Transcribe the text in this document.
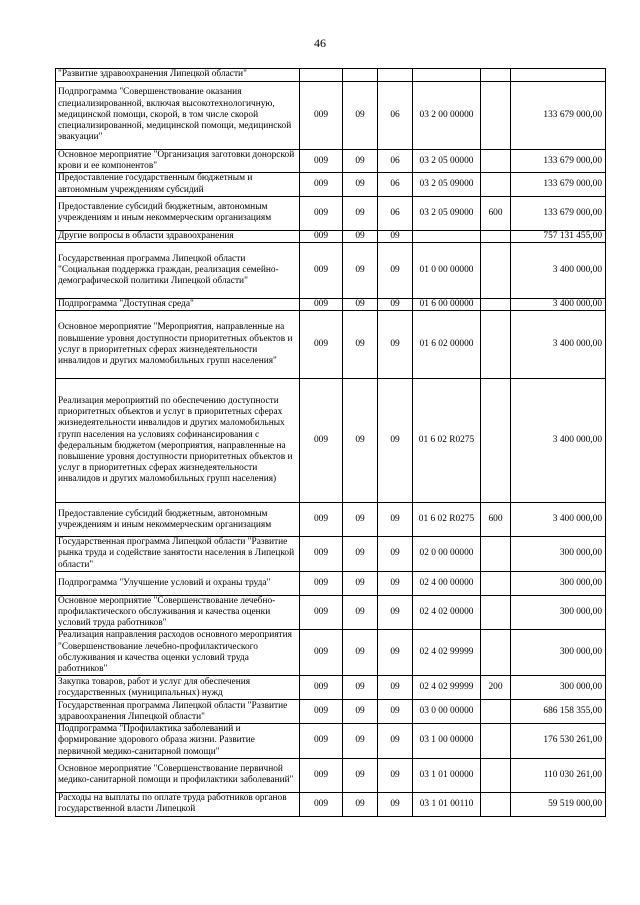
46
"Развитие здравоохранения Липецкой области"						
Подпрограмма "Совершенствование оказания специализированной, включая высокотехнологичную, медицинской помощи, скорой, в том числе скорой специализированной, медицинской помощи, медицинской эвакуации"	009	09	06	03 2 00 00000		133 679 000,00
Основное мероприятие "Организация заготовки донорской крови и ее компонентов"	009	09	06	03 2 05 00000		133 679 000,00
Предоставление государственным бюджетным и автономным учреждениям субсидий	009	09	06	03 2 05 09000		133 679 000,00
Предоставление субсидий бюджетным, автономным учреждениям и иным некоммерческим организациям	009	09	06	03 2 05 09000	600	133 679 000,00
Другие вопросы в области здравоохранения	009	09	09			757 131 455,00
Государственная программа Липецкой области "Социальная поддержка граждан, реализация семейно-демографической политики Липецкой области"	009	09	09	01 0 00 00000		3 400 000,00
Подпрограмма "Доступная среда"	009	09	09	01 6 00 00000		3 400 000,00
Основное мероприятие "Мероприятия, направленные на повышение уровня доступности приоритетных объектов и услуг в приоритетных сферах жизнедеятельности инвалидов и других маломобильных групп населения"	009	09	09	01 6 02 00000		3 400 000,00
Реализация мероприятий по обеспечению доступности приоритетных объектов и услуг в приоритетных сферах жизнедеятельности инвалидов и других маломобильных групп населения на условиях софинансирования с федеральным бюджетом (мероприятия, направленные на повышение уровня доступности приоритетных объектов и услуг в приоритетных сферах жизнедеятельности инвалидов и других маломобильных групп населения)	009	09	09	01 6 02 R0275		3 400 000,00
Предоставление субсидий бюджетным, автономным учреждениям и иным некоммерческим организациям	009	09	09	01 6 02 R0275	600	3 400 000,00
Государственная программа Липецкой области "Развитие рынка труда и содействие занятости населения в Липецкой области"	009	09	09	02 0 00 00000		300 000,00
Подпрограмма "Улучшение условий и охраны труда"	009	09	09	02 4 00 00000		300 000,00
Основное мероприятие "Совершенствование лечебно-профилактического обслуживания и качества оценки условий труда работников"	009	09	09	02 4 02 00000		300 000,00
Реализация направления расходов основного мероприятия "Совершенствование лечебно-профилактического обслуживания и качества оценки условий труда работников"	009	09	09	02 4 02 99999		300 000,00
Закупка товаров, работ и услуг для обеспечения государственных (муниципальных) нужд	009	09	09	02 4 02 99999	200	300 000,00
Государственная программа Липецкой области "Развитие здравоохранения Липецкой области"	009	09	09	03 0 00 00000		686 158 355,00
Подпрограмма "Профилактика заболеваний и формирование здорового образа жизни. Развитие первичной медико-санитарной помощи"	009	09	09	03 1 00 00000		176 530 261,00
Основное мероприятие "Совершенствование первичной медико-санитарной помощи и профилактики заболеваний"	009	09	09	03 1 01 00000		110 030 261,00
Расходы на выплаты по оплате труда работников органов государственной власти Липецкой	009	09	09	03 1 01 00110		59 519 000,00
